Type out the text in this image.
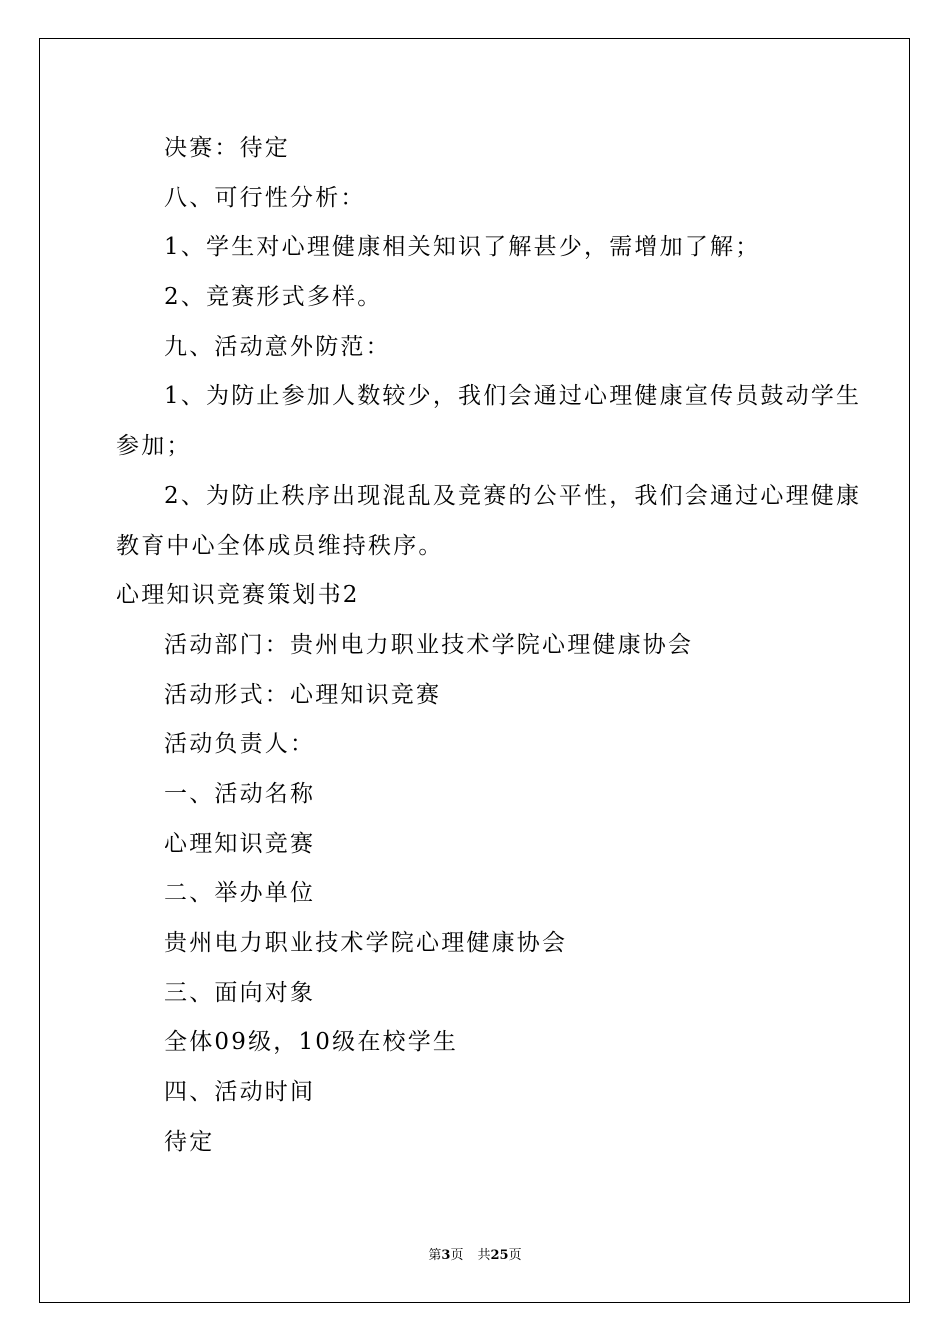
决赛：待定
八、可行性分析：
1、学生对心理健康相关知识了解甚少，需增加了解；
2、竞赛形式多样。
九、活动意外防范：
1、为防止参加人数较少，我们会通过心理健康宣传员鼓动学生
参加；
2、为防止秩序出现混乱及竞赛的公平性，我们会通过心理健康
教育中心全体成员维持秩序。
心理知识竞赛策划书2
活动部门：贵州电力职业技术学院心理健康协会
活动形式：心理知识竞赛
活动负责人：
一、活动名称
心理知识竞赛
二、举办单位
贵州电力职业技术学院心理健康协会
三、面向对象
全体09级，10级在校学生
四、活动时间
待定
第3页 共25页
